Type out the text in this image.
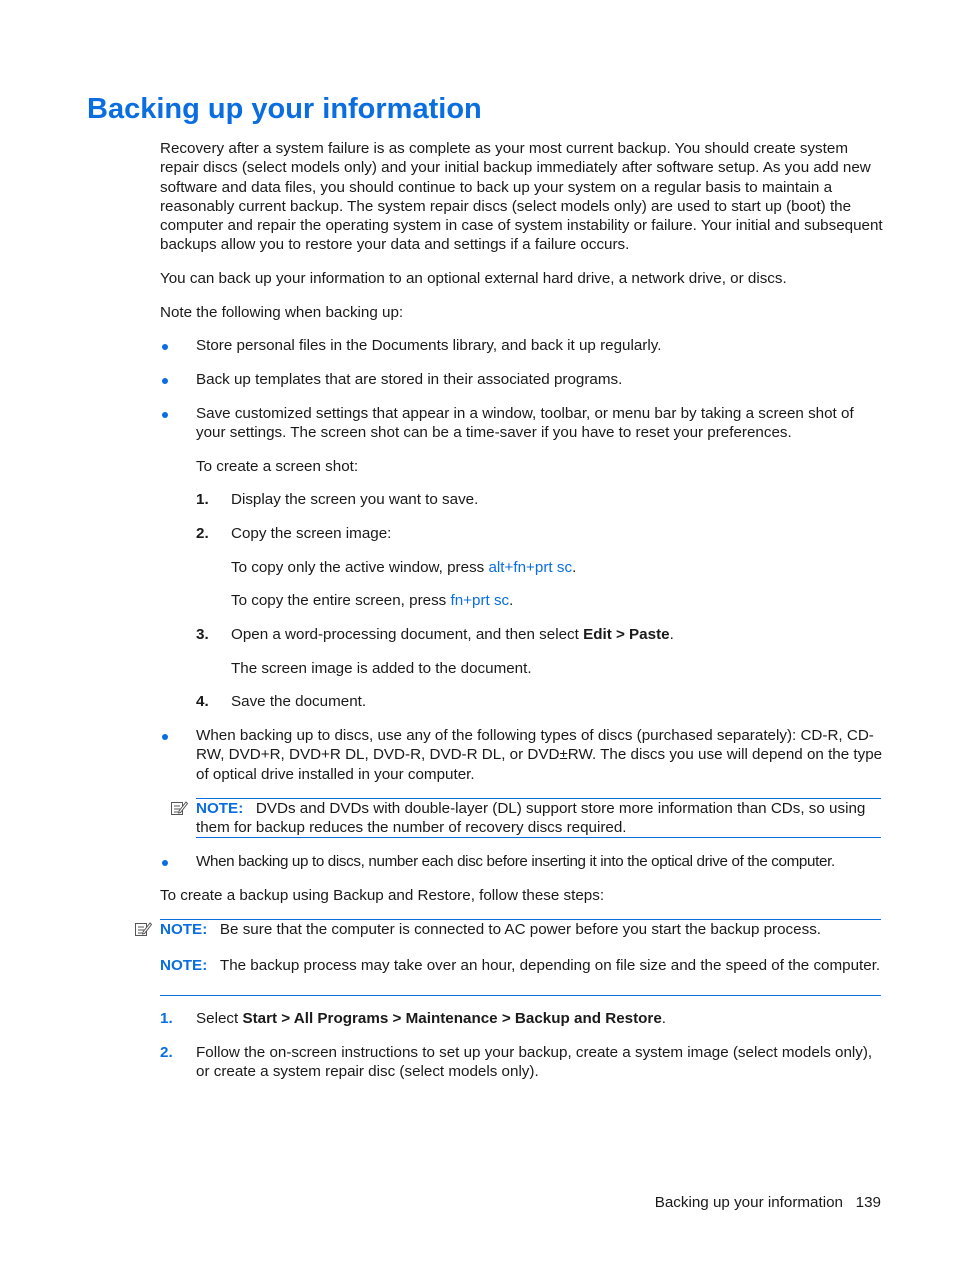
Backing up your information

Recovery after a system failure is as complete as your most current backup. You should create system repair discs (select models only) and your initial backup immediately after software setup. As you add new software and data files, you should continue to back up your system on a regular basis to maintain a reasonably current backup. The system repair discs (select models only) are used to start up (boot) the computer and repair the operating system in case of system instability or failure. Your initial and subsequent backups allow you to restore your data and settings if a failure occurs.

You can back up your information to an optional external hard drive, a network drive, or discs.

Note the following when backing up:

Store personal files in the Documents library, and back it up regularly.

Back up templates that are stored in their associated programs.

Save customized settings that appear in a window, toolbar, or menu bar by taking a screen shot of your settings. The screen shot can be a time-saver if you have to reset your preferences.

To create a screen shot:

1. Display the screen you want to save.

2. Copy the screen image:

To copy only the active window, press alt+fn+prt sc.

To copy the entire screen, press fn+prt sc.

3. Open a word-processing document, and then select Edit > Paste.

The screen image is added to the document.

4. Save the document.

When backing up to discs, use any of the following types of discs (purchased separately): CD-R, CD-RW, DVD+R, DVD+R DL, DVD-R, DVD-R DL, or DVD±RW. The discs you use will depend on the type of optical drive installed in your computer.

NOTE: DVDs and DVDs with double-layer (DL) support store more information than CDs, so using them for backup reduces the number of recovery discs required.

When backing up to discs, number each disc before inserting it into the optical drive of the computer.

To create a backup using Backup and Restore, follow these steps:

NOTE: Be sure that the computer is connected to AC power before you start the backup process.

NOTE: The backup process may take over an hour, depending on file size and the speed of the computer.

1. Select Start > All Programs > Maintenance > Backup and Restore.

2. Follow the on-screen instructions to set up your backup, create a system image (select models only), or create a system repair disc (select models only).

Backing up your information 139
